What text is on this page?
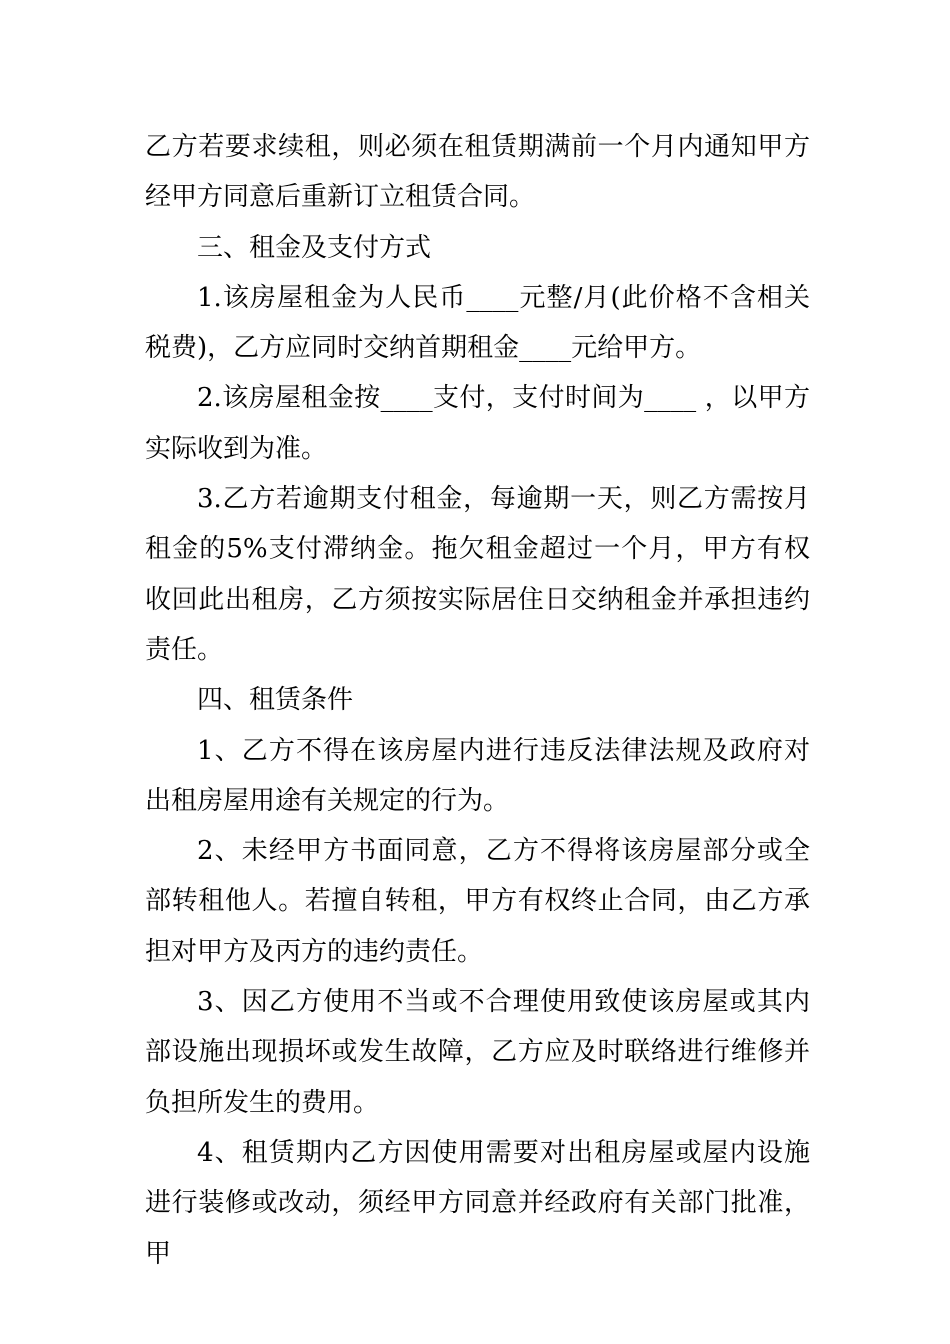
乙方若要求续租，则必须在租赁期满前一个月内通知甲方经甲方同意后重新订立租赁合同。

三、租金及支付方式

1.该房屋租金为人民币____元整/月(此价格不含相关税费)，乙方应同时交纳首期租金____元给甲方。

2.该房屋租金按____支付，支付时间为____ ，以甲方实际收到为准。

3.乙方若逾期支付租金，每逾期一天，则乙方需按月租金的5%支付滞纳金。拖欠租金超过一个月，甲方有权收回此出租房，乙方须按实际居住日交纳租金并承担违约责任。

四、租赁条件

1、乙方不得在该房屋内进行违反法律法规及政府对出租房屋用途有关规定的行为。

2、未经甲方书面同意，乙方不得将该房屋部分或全部转租他人。若擅自转租，甲方有权终止合同，由乙方承担对甲方及丙方的违约责任。

3、因乙方使用不当或不合理使用致使该房屋或其内部设施出现损坏或发生故障，乙方应及时联络进行维修并负担所发生的费用。

4、租赁期内乙方因使用需要对出租房屋或屋内设施进行装修或改动，须经甲方同意并经政府有关部门批准，甲
